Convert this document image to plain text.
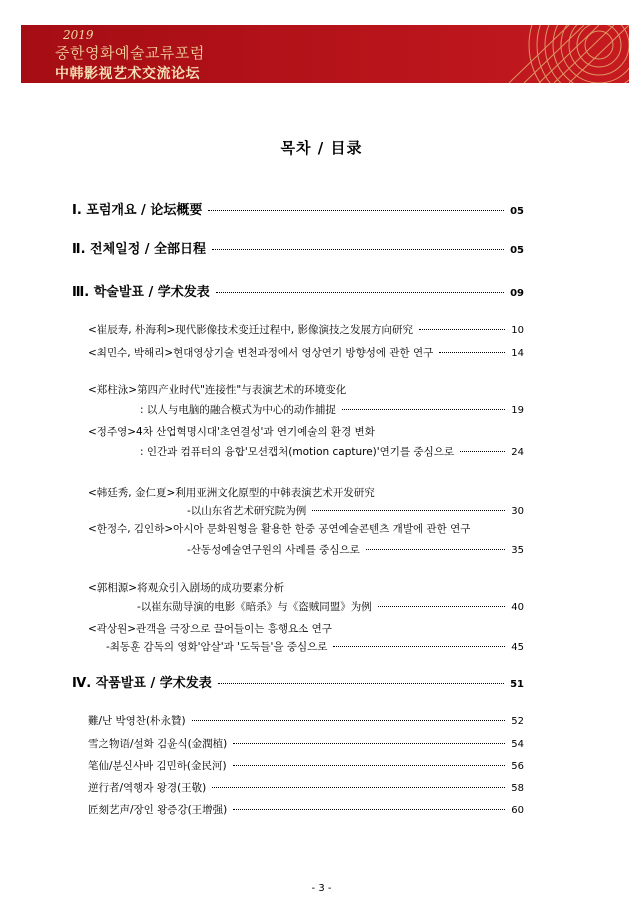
2019
중한영화예술교류포럼
中韩影视艺术交流论坛
목차 / 目录
Ⅰ. 포럼개요 / 论坛概要	05
Ⅱ. 전체일정 / 全部日程	05
Ⅲ. 학술발표 / 学术发表	09
<崔辰寿, 朴海利>现代影像技术变迁过程中, 影像演技之发展方向研究	10
<최민수, 박해리>현대영상기술 변천과정에서 영상연기 방향성에 관한 연구	14
<郑柱泳>第四产业时代"连接性"与表演艺术的环境变化
: 以人与电脑的融合模式为中心的动作捕捉	19
<정주영>4차 산업혁명시대'초연결성'과 연기예술의 환경 변화
: 인간과 컴퓨터의 융합'모션캡처(motion capture)'연기를 중심으로	24
<韩廷秀, 金仁夏>利用亚洲文化原型的中韩表演艺术开发研究
-以山东省艺术研究院为例	30
<한정수, 김인하>아시아 문화원형을 활용한 한중 공연예술콘텐츠 개발에 관한 연구
-산동성예술연구원의 사례를 중심으로	35
<郭相源>将观众引入剧场的成功要素分析
-以崔东勋导演的电影《暗杀》与《盗贼同盟》为例	40
<곽상원>관객을 극장으로 끌어들이는 흥행요소 연구
-최동훈 감독의 영화'암살'과 '도둑들'을 중심으로	45
Ⅳ. 작품발표 / 学术发表	51
難/난 박영찬(朴永贊)	52
雪之物语/설화 김윤식(金潤植)	54
笔仙/분신사바 김민하(金民河)	56
逆行者/역행자 왕경(王敬)	58
匠刻艺声/장인 왕증강(王增强)	60
- 3 -
